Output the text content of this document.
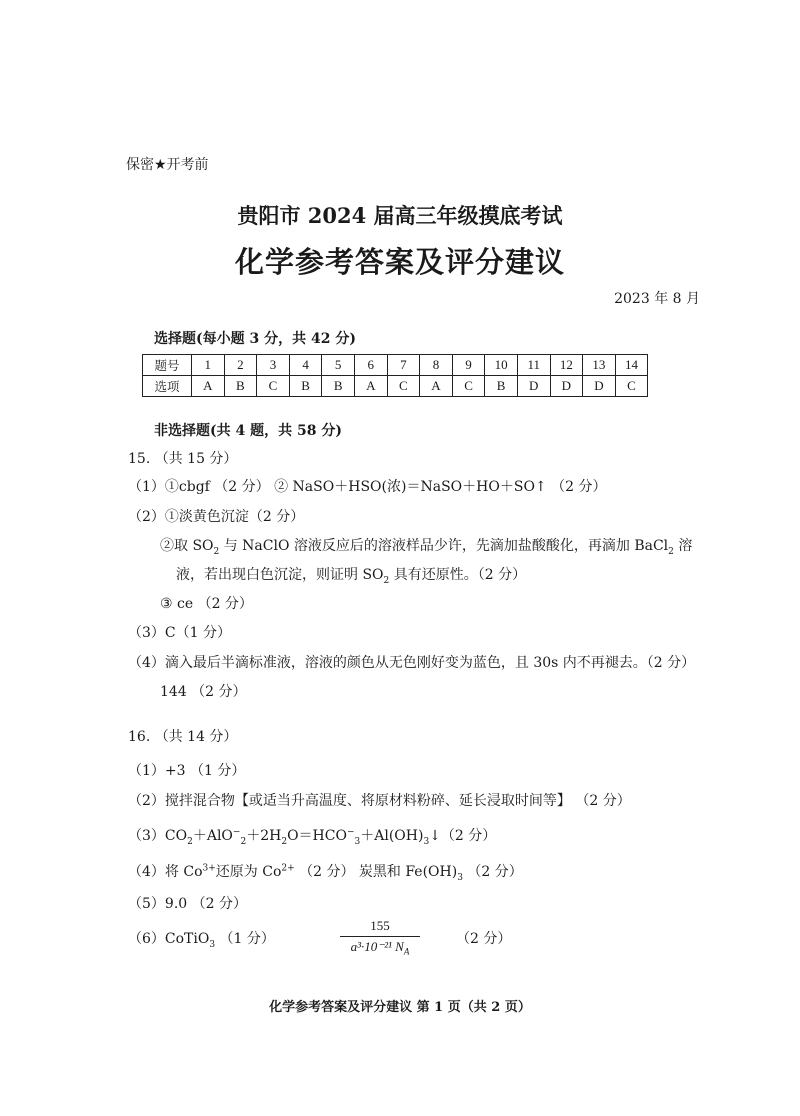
保密★开考前
贵阳市 2024 届高三年级摸底考试
化学参考答案及评分建议
2023 年 8 月
选择题(每小题 3 分，共 42 分)
题号	1	2	3	4	5	6	7	8	9	10	11	12	13	14
选项	A	B	C	B	B	A	C	A	C	B	D	D	D	C
非选择题(共 4 题，共 58 分)
15. （共 15 分）
（1）①cbgf （2 分） ② NaSO＋HSO(浓)＝NaSO＋HO＋SO↑ （2 分）
（2）①淡黄色沉淀（2 分）
②取 $SO_2$ 与 NaClO 溶液反应后的溶液样品少许，先滴加盐酸酸化，再滴加 BaCl$_2$ 溶
液，若出现白色沉淀，则证明 $SO_2$ 具有还原性。（2 分）
③ ce （2 分）
（3）C（1 分）
（4）滴入最后半滴标准液，溶液的颜色从无色刚好变为蓝色，且 30s 内不再褪去。（2 分）
144 （2 分）
16. （共 14 分）
（1）+3 （1 分）
（2）搅拌混合物【或适当升高温度、将原材料粉碎、延长浸取时间等】 （2 分）
$(3)CO_2+AlO^-_2+2H_2O=HCO^-_3+Al(OH)_3↓(2$ 分）
（4）将 $Co^{3+}$还原为 $Co^{2+}$ （2 分） 炭黑和 $Fe(OH)_3$ （2 分）
（5）9.0 （2 分）
（6）CoTiO$_3$ （1 分）	$\frac{155}{a^3\cdot 10^{-21} N_A}$	（2 分）
化学参考答案及评分建议 第 1 页（共 2 页）
